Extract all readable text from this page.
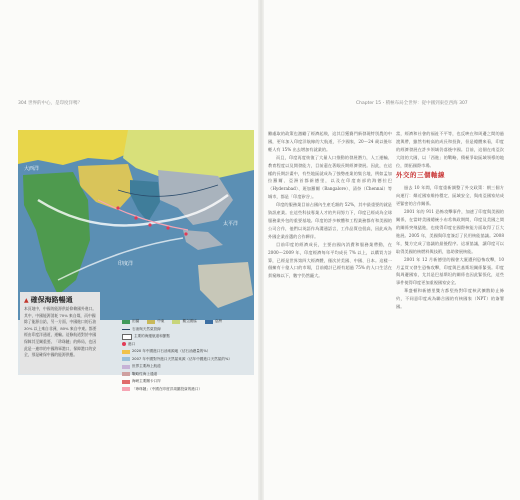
304 世界的中心，是印度洋嗎？	Chapter 15・積極布局全世界：從中國到東亞西海 307
太平洋
印度洋
大西洋
田園	中東	獨立國協	亞洲
石油與天然氣管線
主要的海運航道和節點
港口
2020 年中國進口石油來源地（佔石油總量的%）
2007 年中國對外進口天然氣來源（佔年中國進口天然氣的%）
世界主要海上航道
戰略性海上通道
海峽主要關卡口岸
「珍珠鏈」（中國在印度洋周圍投資的港口）
▲ 確保海路暢通
本頁地中，中國的能源供給仰賴國外進口。其中，中國能源消耗 70% 來自煤，而中國除了能源自給，另一方面，中國進口的石油 30% 以上來自非洲，80% 來自中東。都要經由印度洋通道，運輸。這條航道對於中國保障其至關重要。「珍珠鏈」的佈局，也因此是一連串的中國海軍港口，保障港口的安全，那是確保中國的能源供應。

難處取的政策也激勵了經濟起飛，這其目獲賽門新發現特別農的中國，更年加入印度洋航線的大航道，不少國家，20～24 歲以後年輕人有 15% 出去增加有就業的。

而且，印度再度恢復了大量人口推動的發展潛力，人工運輸、教育程度以及開發能力，目前還在著眼長期經濟發展。因此，在這樣的長期計畫中，有些地區就成為了強勢產業的集合地，例如孟加拉羅爾、亞洲首都新德里，以及在印度南部的海德拉巴（Hyderabad）、班加羅爾（Bangalore）、清奈（Chennai）等城市，都是「印度矽谷」。

印度的服務業目前占國內生產毛額的 52%，其中最重要的就是資訊產業。在這些科技專業人才的共同努力下，印度已經成為全球服務業外包的重要基地。印度的許多軟體和工程業務都有和美國的公司合作，他們以英語作為溝通語言，工作品質也很高，因此成為外國企業首選的合作夥伴。

目前印度的經濟成長，主要由國內消費和服務業帶動，在 2000～2009 年，印度經濟每年平均成長 7% 以上，以購買力計算，已經是世界第四大經濟體，僅次於美國、中國、日本。這樣一個擁有十億人口的市場，目前總計已經有超過 75% 的人口生活在貧窮線以下，數字仍然龐大。

當，經濟和社會的福祉不平等，也反映在和周邊之間的過渡與帶，雖然有較高的成長和投資，但是總體來看，印度的經濟發展在許多領域仍落後中國。目前，這個在南亞次大陸的大國，以「西進」的戰略，積極爭取區域領導的地位，開拓國際市場。

外交的三個軸線

過去 10 年間，印度重新調整了外交政策：朝三個方向運行：鄰近國家維持穩定、區域安全，與南亞國家結成更緊密的合作關係。

2001 年的 911 恐怖攻擊事件，加速了印度與美國的關係，在當時美國總統小布希執政期間，印度及美國之間的關係突飛猛進，也使得印度在國際核能方面取得了巨大進展。2005 年，美國與印度簽訂了民用核能協議。2008 年，雙方完成了協議的最後程序。這項協議，讓印度可以取得美國的核燃料與技術，協助發展核能。

2001 年 12 月新德里的國會大廈遭到恐怖攻擊，10 月孟買又發生恐怖攻擊，印度與巴基斯坦關係緊張。印度與周邊國家，尤其是巴基斯坦的關係也因此緊張化，這些事件使得印度更加重視國家安全。

華盛頓和新德里雙方都堅持對印度核武擴散防止條約，不同意印度成為聯合國的有核國家（NPT）的簽署國。
